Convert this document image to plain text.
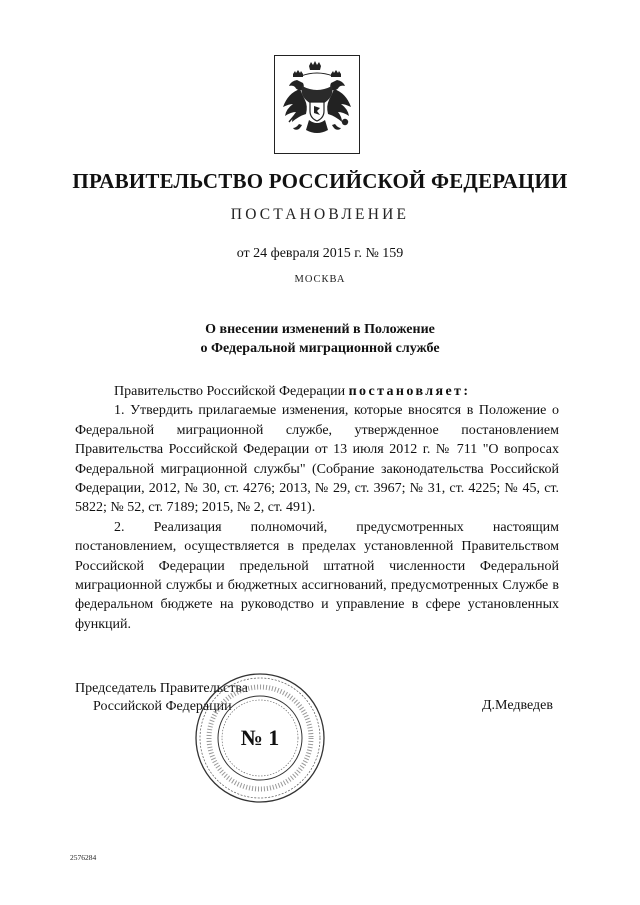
ПРАВИТЕЛЬСТВО РОССИЙСКОЙ ФЕДЕРАЦИИ
ПОСТАНОВЛЕНИЕ
от 24 февраля 2015 г. № 159
МОСКВА
О внесении изменений в Положение
о Федеральной миграционной службе

Правительство Российской Федерации постановляет:

1. Утвердить прилагаемые изменения, которые вносятся в Положение о Федеральной миграционной службе, утвержденное постановлением Правительства Российской Федерации от 13 июля 2012 г. № 711 "О вопросах Федеральной миграционной службы" (Собрание законодательства Российской Федерации, 2012, № 30, ст. 4276; 2013, № 29, ст. 3967; № 31, ст. 4225; № 45, ст. 5822; № 52, ст. 7189; 2015, № 2, ст. 491).

2. Реализация полномочий, предусмотренных настоящим постановлением, осуществляется в пределах установленной Правительством Российской Федерации предельной штатной численности Федеральной миграционной службы и бюджетных ассигнований, предусмотренных Службе в федеральном бюджете на руководство и управление в сфере установленных функций.

Председатель Правительства
Российской Федерации	Д.Медведев
№ 1
2576284
